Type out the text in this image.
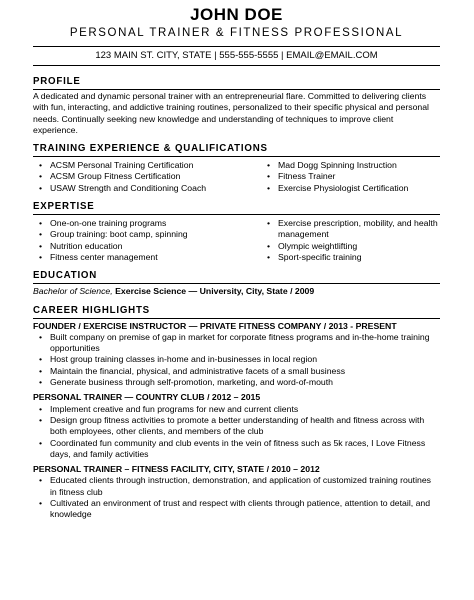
JOHN DOE
PERSONAL TRAINER & FITNESS PROFESSIONAL
123 MAIN ST. CITY, STATE | 555-555-5555 | EMAIL@EMAIL.COM
PROFILE
A dedicated and dynamic personal trainer with an entrepreneurial flare. Committed to delivering clients with fun, interacting, and addictive training routines, personalized to their specific physical and personal needs. Continually seeking new knowledge and understanding of techniques to improve client experience.
TRAINING EXPERIENCE & QUALIFICATIONS
• ACSM Personal Training Certification
• ACSM Group Fitness Certification
• USAW Strength and Conditioning Coach
• Mad Dogg Spinning Instruction
• Fitness Trainer
• Exercise Physiologist Certification
EXPERTISE
• One-on-one training programs
• Group training: boot camp, spinning
• Nutrition education
• Fitness center management
• Exercise prescription, mobility, and health management
• Olympic weightlifting
• Sport-specific training
EDUCATION
Bachelor of Science, Exercise Science — University, City, State / 2009
CAREER HIGHLIGHTS
FOUNDER / EXERCISE INSTRUCTOR — PRIVATE FITNESS COMPANY / 2013 - PRESENT
• Built company on premise of gap in market for corporate fitness programs and in-the-home training opportunities
• Host group training classes in-home and in-businesses in local region
• Maintain the financial, physical, and administrative facets of a small business
• Generate business through self-promotion, marketing, and word-of-mouth
PERSONAL TRAINER — COUNTRY CLUB / 2012 – 2015
• Implement creative and fun programs for new and current clients
• Design group fitness activities to promote a better understanding of health and fitness across with both employees, other clients, and members of the club
• Coordinated fun community and club events in the vein of fitness such as 5k races, I Love Fitness days, and family activities
PERSONAL TRAINER – FITNESS FACILITY, CITY, STATE / 2010 – 2012
• Educated clients through instruction, demonstration, and application of customized training routines in fitness club
• Cultivated an environment of trust and respect with clients through patience, attention to detail, and knowledge
